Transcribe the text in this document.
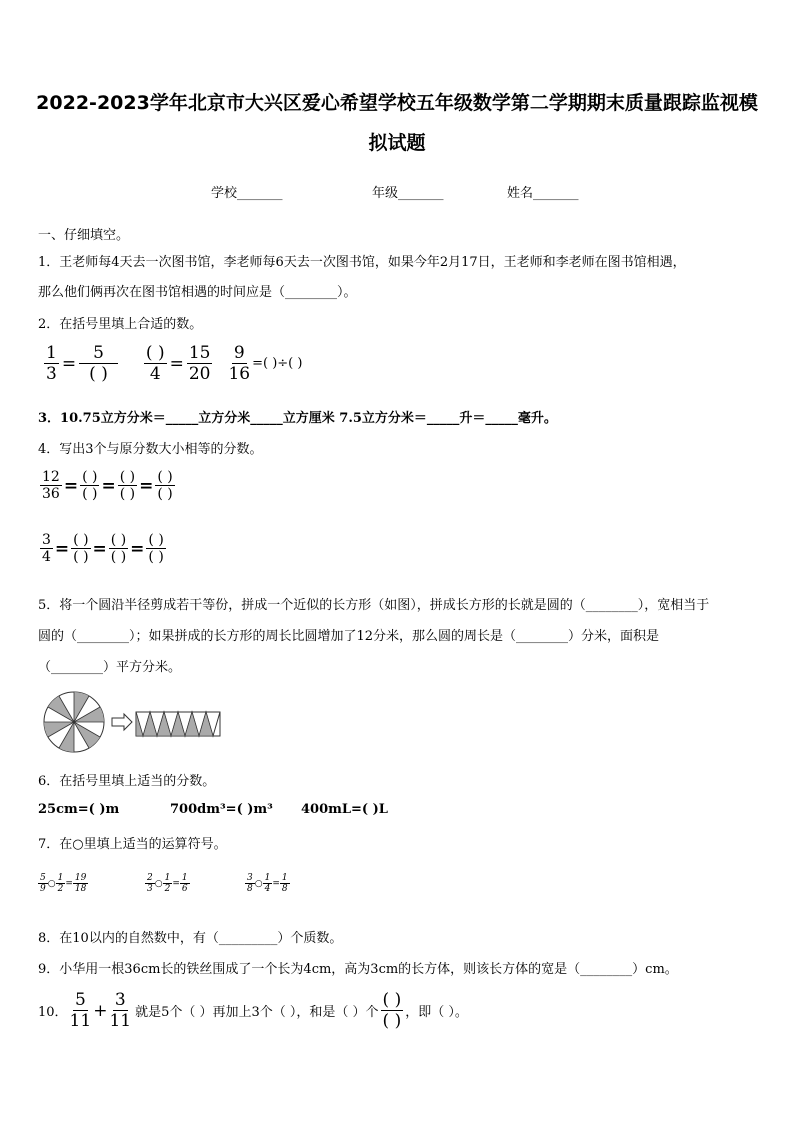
2022-2023学年北京市大兴区爱心希望学校五年级数学第二学期期末质量跟踪监视模
拟试题
学校_______	年级_______	姓名_______
一、仔细填空。
1．王老师每4天去一次图书馆，李老师每6天去一次图书馆，如果今年2月17日，王老师和李老师在图书馆相遇，
那么他们俩再次在图书馆相遇的时间应是（________）。
2．在括号里填上合适的数。
$\frac{1}{3} = \frac{5}{( )} \frac{( )}{4} = \frac{15}{20} \frac{9}{16}$ =( )÷( )
3．10.75立方分米＝_____立方分米_____立方厘米 7.5立方分米＝_____升＝_____毫升。
4．写出3个与原分数大小相等的分数。
$\frac{12}{36} = \frac{( )}{( )} = \frac{( )}{( )} = \frac{( )}{( )}$
$\frac{3}{4} = \frac{( )}{( )} = \frac{( )}{( )} = \frac{( )}{( )}$
5．将一个圆沿半径剪成若干等份，拼成一个近似的长方形（如图），拼成长方形的长就是圆的（________），宽相当于
圆的（________）；如果拼成的长方形的周长比圆增加了12分米，那么圆的周长是（________）分米，面积是
（________）平方分米。
6．在括号里填上适当的分数。
25cm=( )m	700dm³=( )m³ 400mL=( )L
7．在○里填上适当的运算符号。
$\frac{5}{9}$ ○ $\frac{1}{2} = \frac{19}{18}$	$\frac{2}{3}$ ○ $\frac{1}{2} = \frac{1}{6}$	$\frac{3}{8}$ ○ $\frac{1}{4} = \frac{1}{8}$
8．在10以内的自然数中，有（_________）个质数。
9．小华用一根36cm长的铁丝围成了一个长为4cm，高为3cm的长方体，则该长方体的宽是（________）cm。
10． $\frac{5}{11} + \frac{3}{11}$ 就是5个（ ）再加上3个（ ），和是（ ）个 $\frac{( )}{( )}$ ，即（ ）。
